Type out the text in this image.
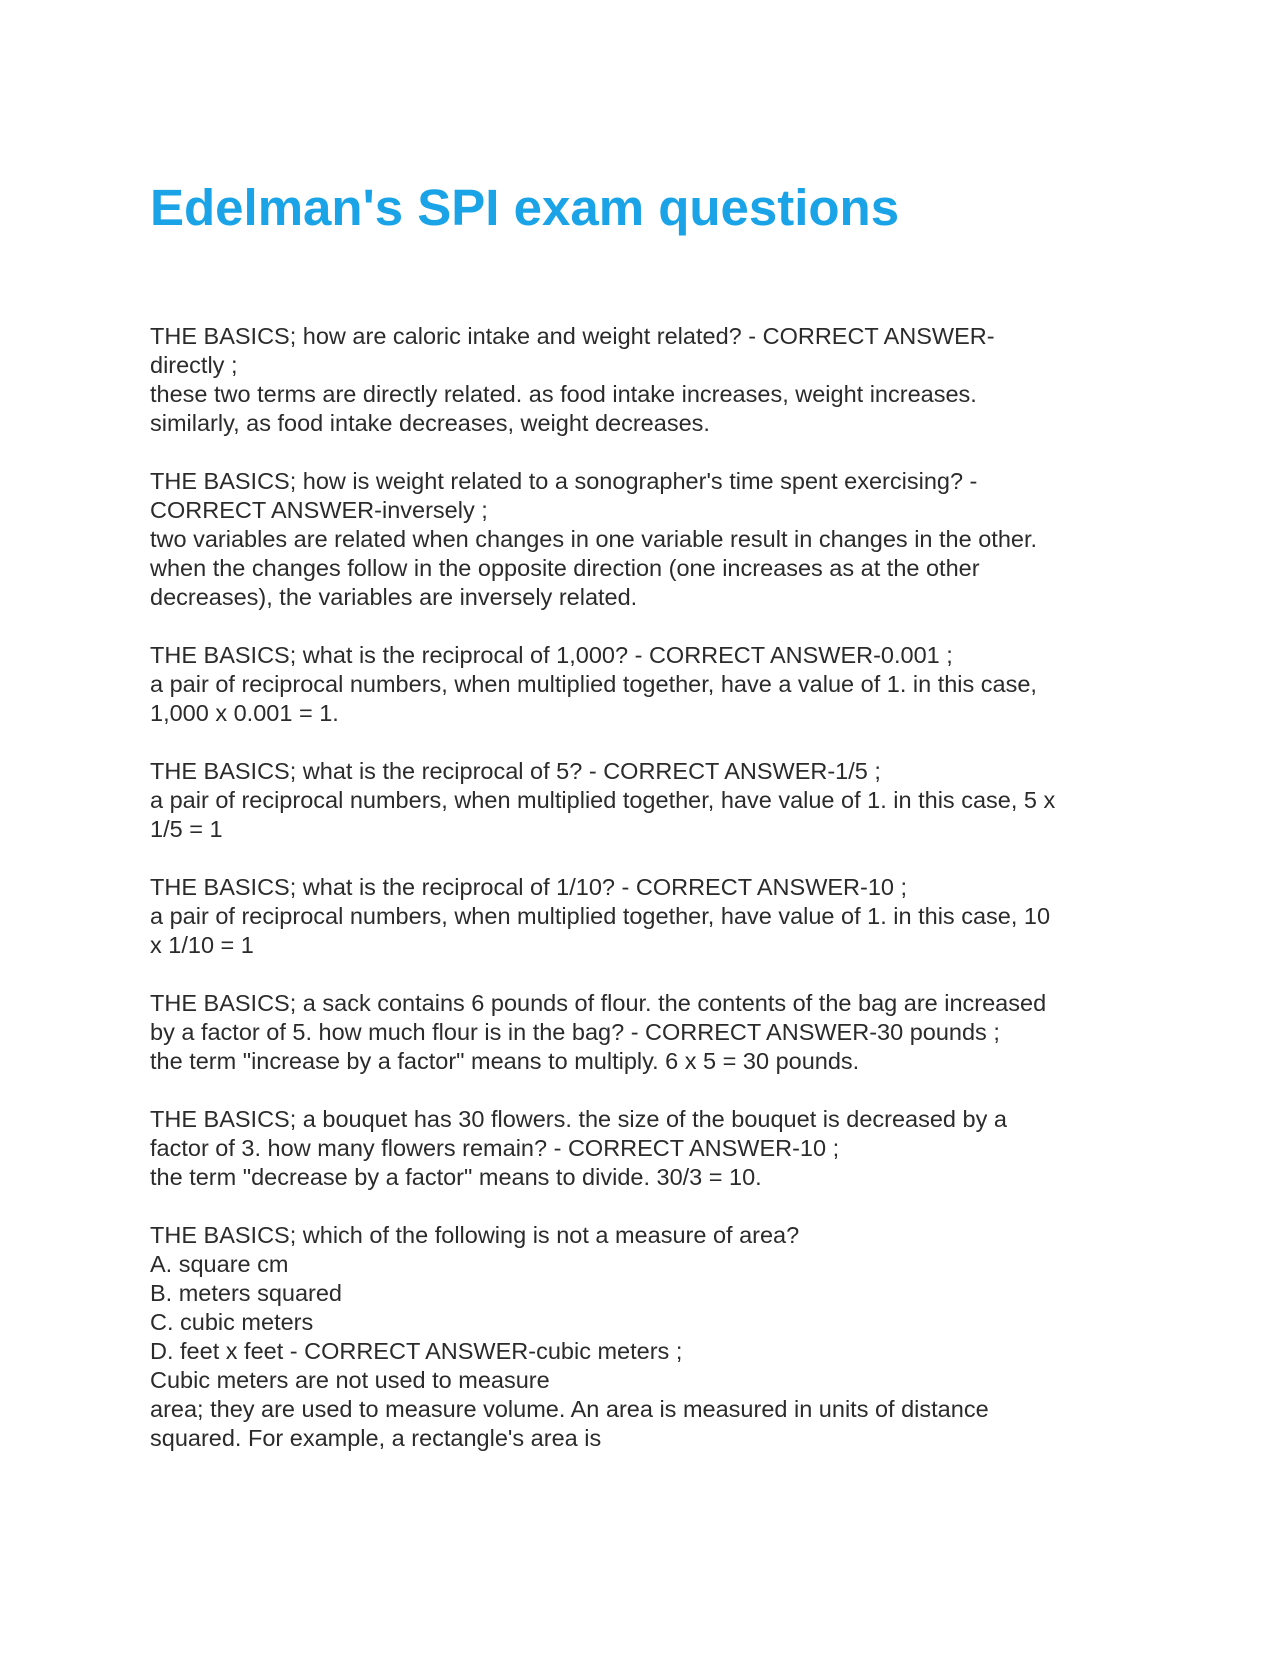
Edelman's SPI exam questions
THE BASICS; how are caloric intake and weight related? - CORRECT ANSWER-
directly ;
these two terms are directly related. as food intake increases, weight increases.
similarly, as food intake decreases, weight decreases.
THE BASICS; how is weight related to a sonographer's time spent exercising? -
CORRECT ANSWER-inversely ;
two variables are related when changes in one variable result in changes in the other.
when the changes follow in the opposite direction (one increases as at the other
decreases), the variables are inversely related.
THE BASICS; what is the reciprocal of 1,000? - CORRECT ANSWER-0.001 ;
a pair of reciprocal numbers, when multiplied together, have a value of 1. in this case,
1,000 x 0.001 = 1.
THE BASICS; what is the reciprocal of 5? - CORRECT ANSWER-1/5 ;
a pair of reciprocal numbers, when multiplied together, have value of 1. in this case, 5 x
1/5 = 1
THE BASICS; what is the reciprocal of 1/10? - CORRECT ANSWER-10 ;
a pair of reciprocal numbers, when multiplied together, have value of 1. in this case, 10
x 1/10 = 1
THE BASICS; a sack contains 6 pounds of flour. the contents of the bag are increased
by a factor of 5. how much flour is in the bag? - CORRECT ANSWER-30 pounds ;
the term "increase by a factor" means to multiply. 6 x 5 = 30 pounds.
THE BASICS; a bouquet has 30 flowers. the size of the bouquet is decreased by a
factor of 3. how many flowers remain? - CORRECT ANSWER-10 ;
the term "decrease by a factor" means to divide. 30/3 = 10.
THE BASICS; which of the following is not a measure of area?
A. square cm
B. meters squared
C. cubic meters
D. feet x feet - CORRECT ANSWER-cubic meters ;
Cubic meters are not used to measure
area; they are used to measure volume. An area is measured in units of distance
squared. For example, a rectangle's area is
